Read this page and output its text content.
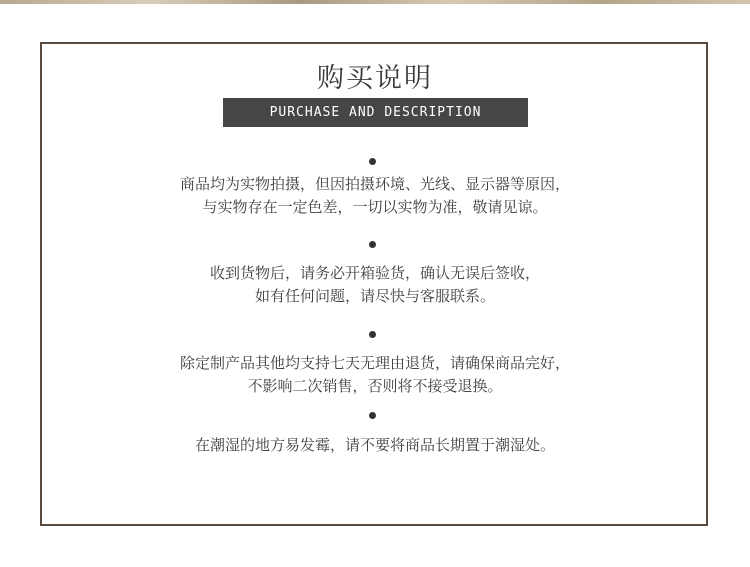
购买说明
PURCHASE AND DESCRIPTION

商品均为实物拍摄，但因拍摄环境、光线、显示器等原因，
与实物存在一定色差，一切以实物为准，敬请见谅。

收到货物后，请务必开箱验货，确认无误后签收，
如有任何问题，请尽快与客服联系。

除定制产品其他均支持七天无理由退货，请确保商品完好，
不影响二次销售，否则将不接受退换。

在潮湿的地方易发霉，请不要将商品长期置于潮湿处。
